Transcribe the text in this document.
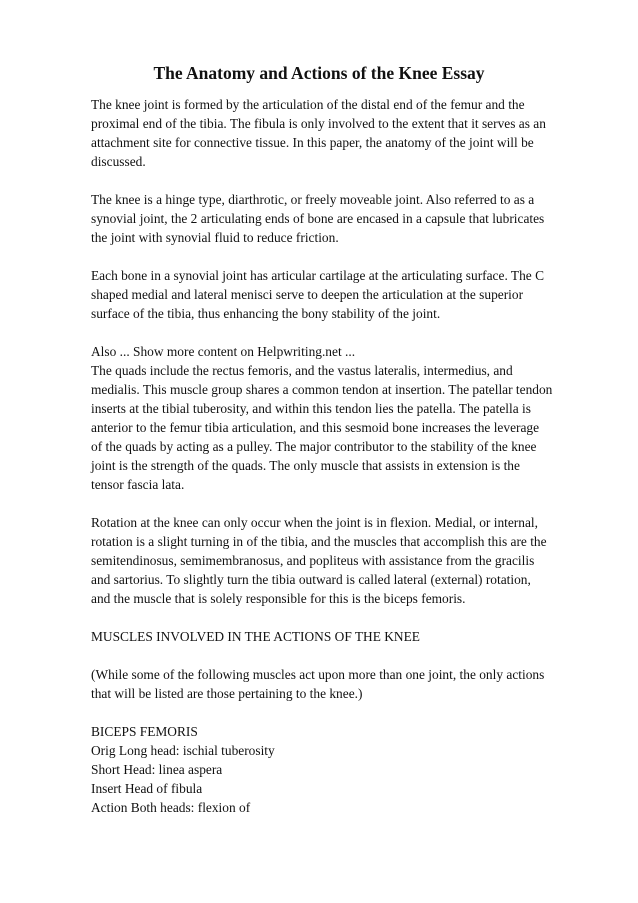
The Anatomy and Actions of the Knee Essay

The knee joint is formed by the articulation of the distal end of the femur and the
proximal end of the tibia. The fibula is only involved to the extent that it serves as an
attachment site for connective tissue. In this paper, the anatomy of the joint will be
discussed.

The knee is a hinge type, diarthrotic, or freely moveable joint. Also referred to as a
synovial joint, the 2 articulating ends of bone are encased in a capsule that lubricates
the joint with synovial fluid to reduce friction.

Each bone in a synovial joint has articular cartilage at the articulating surface. The C
shaped medial and lateral menisci serve to deepen the articulation at the superior
surface of the tibia, thus enhancing the bony stability of the joint.

Also ... Show more content on Helpwriting.net ...

The quads include the rectus femoris, and the vastus lateralis, intermedius, and
medialis. This muscle group shares a common tendon at insertion. The patellar tendon
inserts at the tibial tuberosity, and within this tendon lies the patella. The patella is
anterior to the femur tibia articulation, and this sesmoid bone increases the leverage
of the quads by acting as a pulley. The major contributor to the stability of the knee
joint is the strength of the quads. The only muscle that assists in extension is the
tensor fascia lata.

Rotation at the knee can only occur when the joint is in flexion. Medial, or internal,
rotation is a slight turning in of the tibia, and the muscles that accomplish this are the
semitendinosus, semimembranosus, and popliteus with assistance from the gracilis
and sartorius. To slightly turn the tibia outward is called lateral (external) rotation,
and the muscle that is solely responsible for this is the biceps femoris.

MUSCLES INVOLVED IN THE ACTIONS OF THE KNEE

(While some of the following muscles act upon more than one joint, the only actions
that will be listed are those pertaining to the knee.)

BICEPS FEMORIS
Orig Long head: ischial tuberosity
Short Head: linea aspera
Insert Head of fibula
Action Both heads: flexion of
